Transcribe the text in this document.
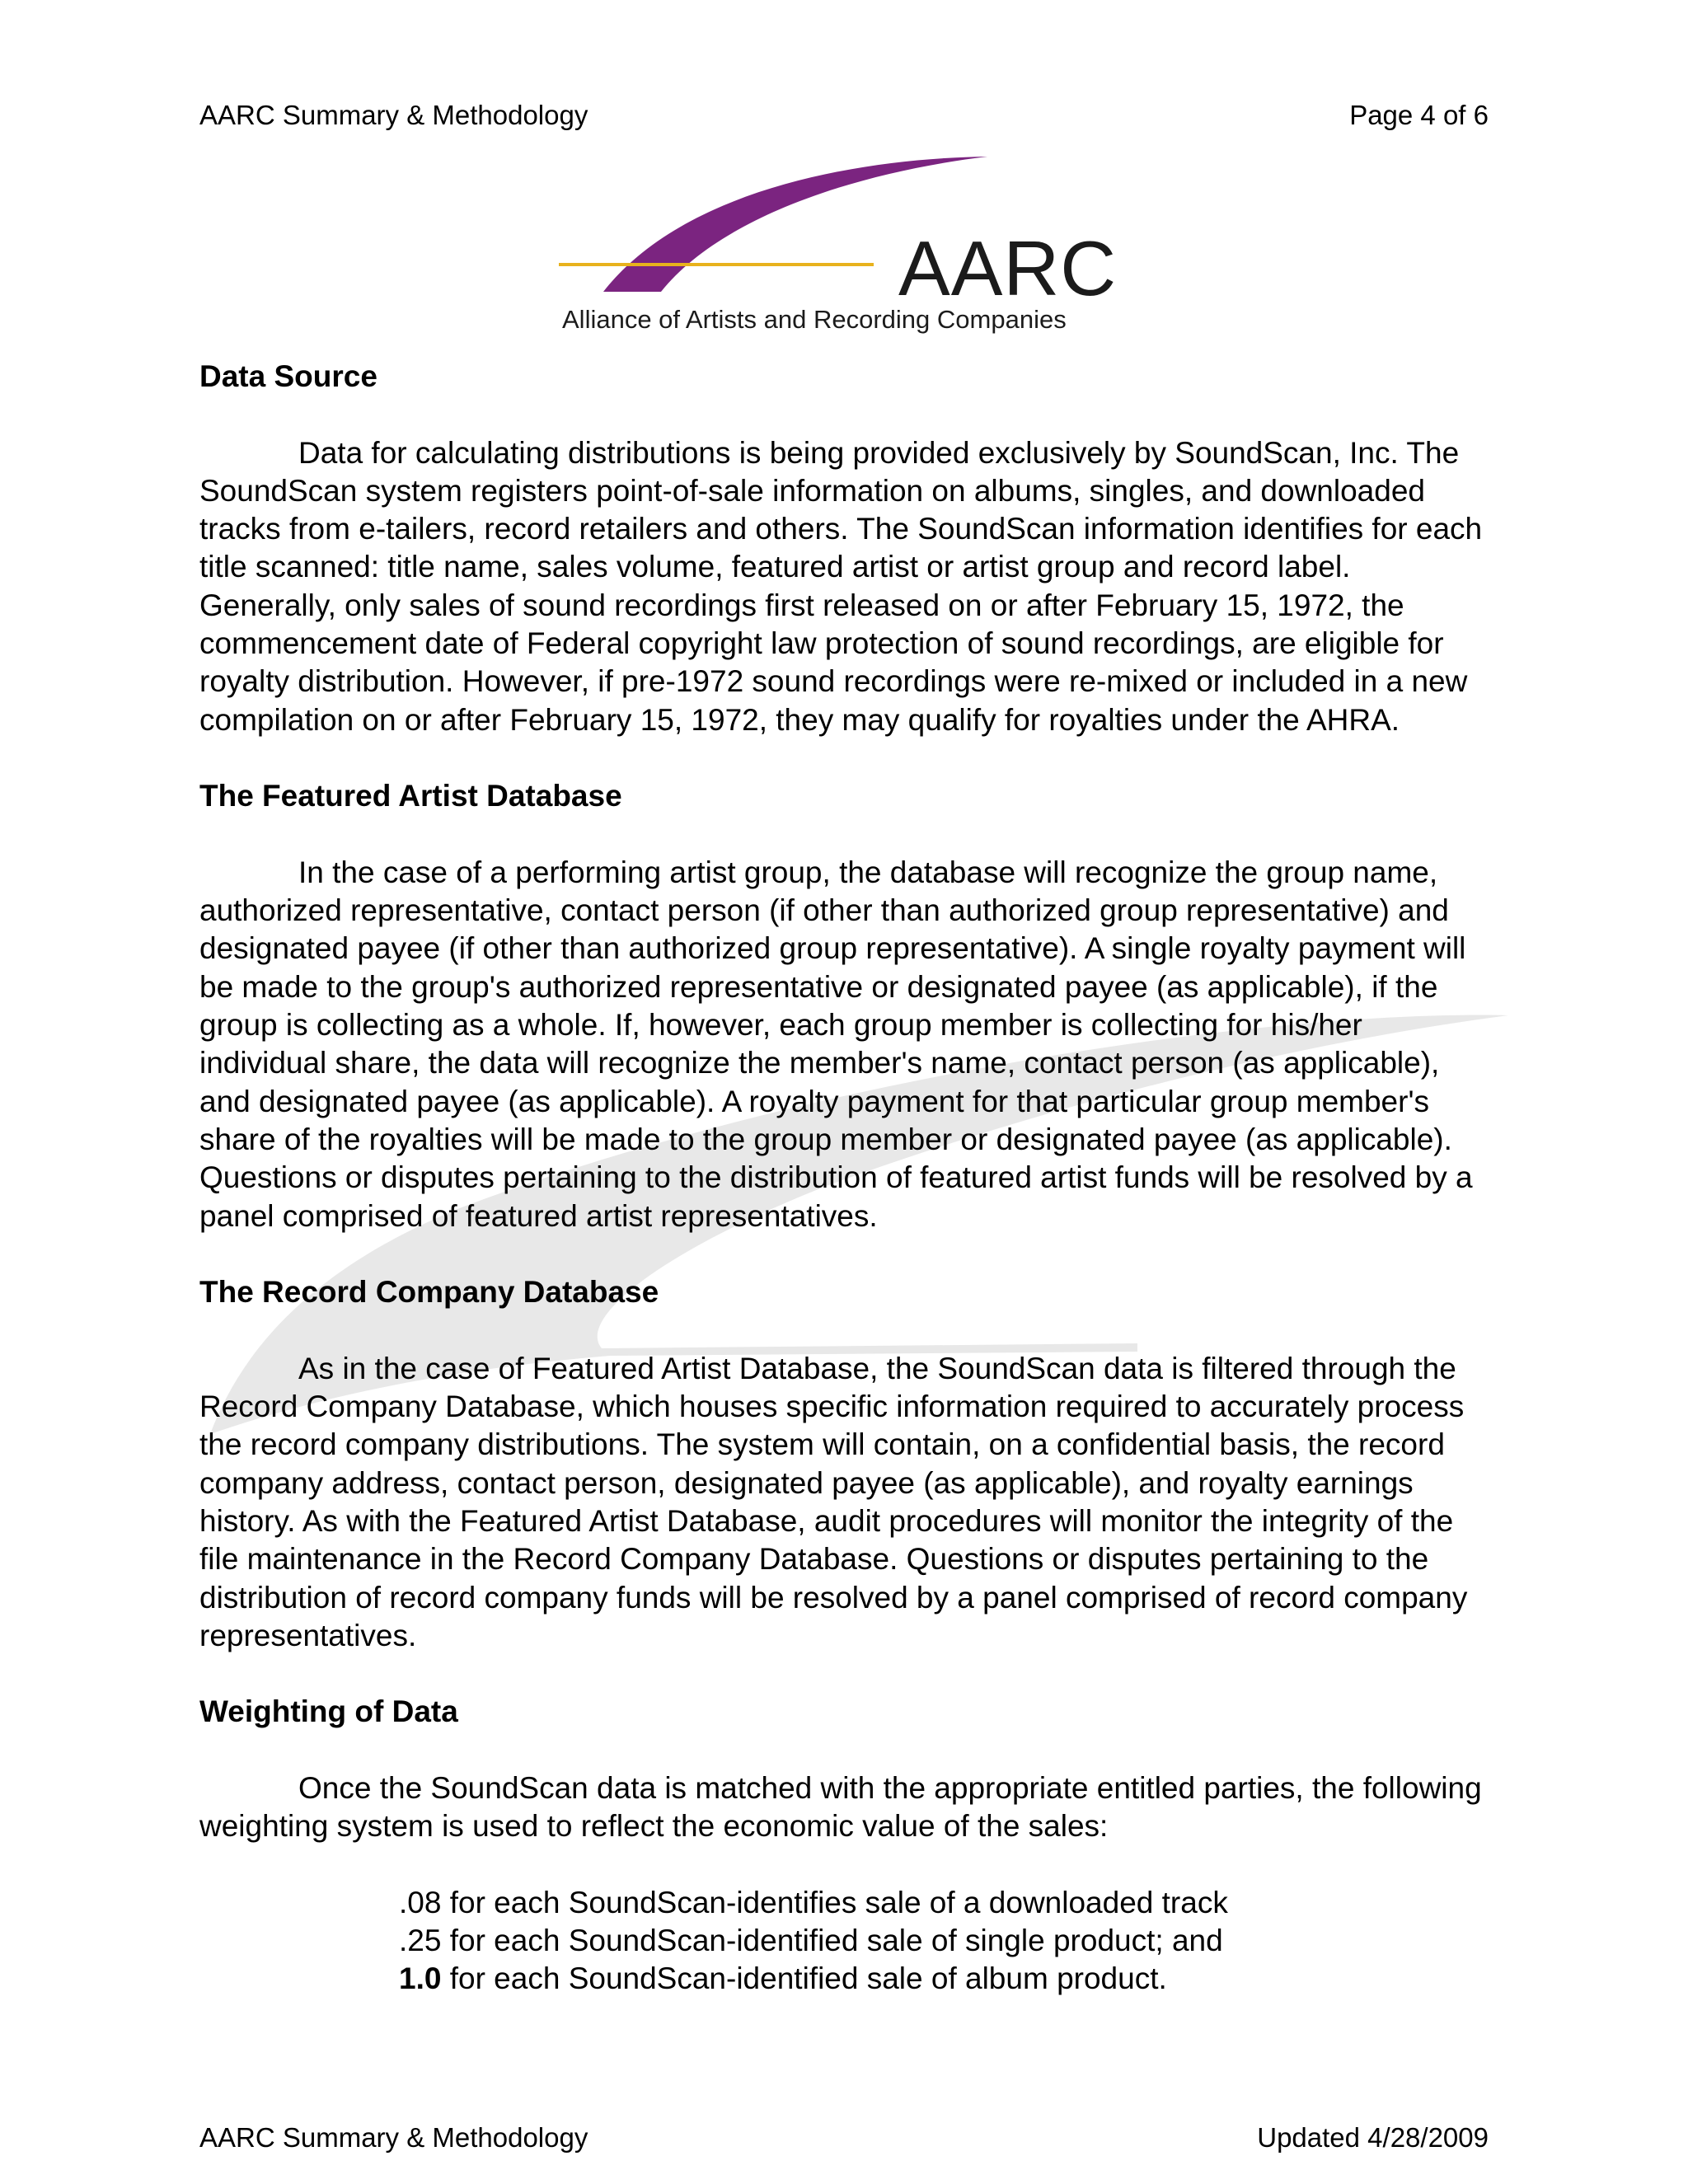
AARC Summary & Methodology	Page 4 of 6
AARC
Alliance of Artists and Recording Companies
Data Source

Data for calculating distributions is being provided exclusively by SoundScan, Inc. The SoundScan system registers point-of-sale information on albums, singles, and downloaded tracks from e-tailers, record retailers and others. The SoundScan information identifies for each title scanned: title name, sales volume, featured artist or artist group and record label. Generally, only sales of sound recordings first released on or after February 15, 1972, the commencement date of Federal copyright law protection of sound recordings, are eligible for royalty distribution. However, if pre-1972 sound recordings were re-mixed or included in a new compilation on or after February 15, 1972, they may qualify for royalties under the AHRA.

The Featured Artist Database

In the case of a performing artist group, the database will recognize the group name, authorized representative, contact person (if other than authorized group representative) and designated payee (if other than authorized group representative). A single royalty payment will be made to the group's authorized representative or designated payee (as applicable), if the group is collecting as a whole. If, however, each group member is collecting for his/her individual share, the data will recognize the member's name, contact person (as applicable), and designated payee (as applicable). A royalty payment for that particular group member's share of the royalties will be made to the group member or designated payee (as applicable). Questions or disputes pertaining to the distribution of featured artist funds will be resolved by a panel comprised of featured artist representatives.

The Record Company Database

As in the case of Featured Artist Database, the SoundScan data is filtered through the Record Company Database, which houses specific information required to accurately process the record company distributions. The system will contain, on a confidential basis, the record company address, contact person, designated payee (as applicable), and royalty earnings history. As with the Featured Artist Database, audit procedures will monitor the integrity of the file maintenance in the Record Company Database. Questions or disputes pertaining to the distribution of record company funds will be resolved by a panel comprised of record company representatives.

Weighting of Data

Once the SoundScan data is matched with the appropriate entitled parties, the following weighting system is used to reflect the economic value of the sales:

.08 for each SoundScan-identifies sale of a downloaded track
.25 for each SoundScan-identified sale of single product; and
1.0 for each SoundScan-identified sale of album product.
AARC Summary & Methodology	Updated 4/28/2009
